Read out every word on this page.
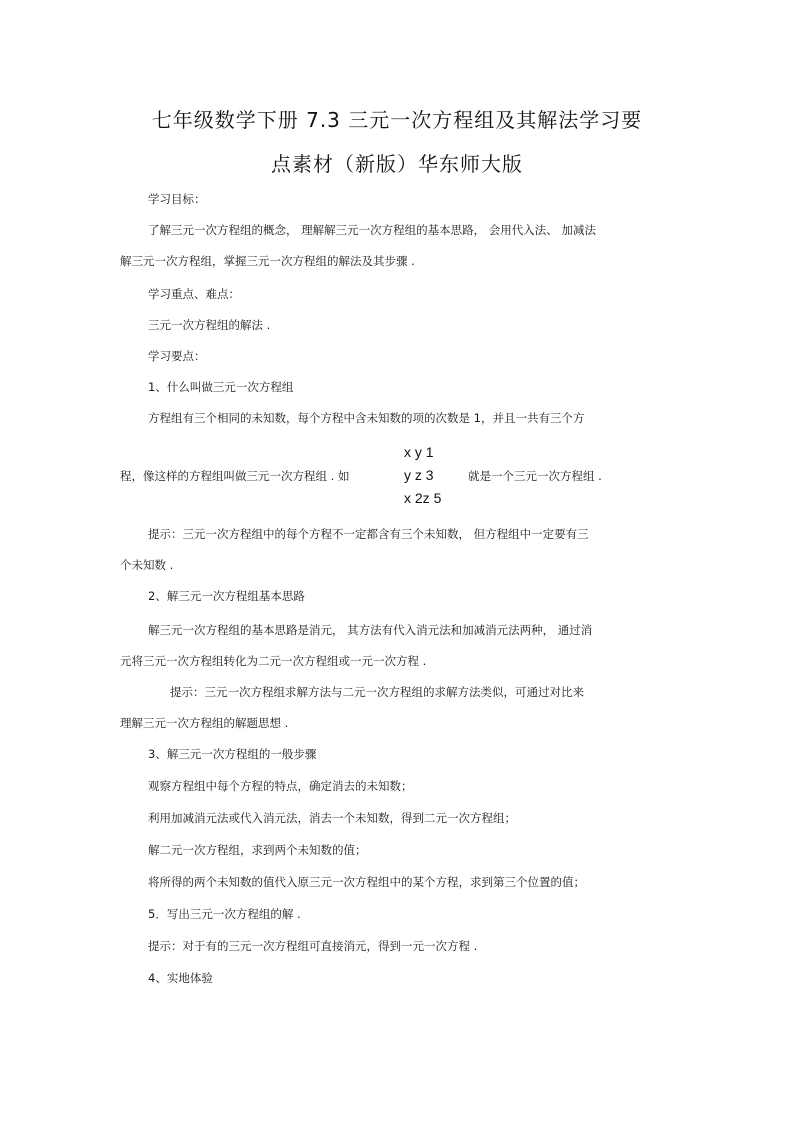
七年级数学下册 7.3 三元一次方程组及其解法学习要
点素材（新版）华东师大版
学习目标：
了解三元一次方程组的概念， 理解解三元一次方程组的基本思路， 会用代入法、 加减法
解三元一次方程组，掌握三元一次方程组的解法及其步骤 .
学习重点、难点：
三元一次方程组的解法 .
学习要点：
1、什么叫做三元一次方程组
方程组有三个相同的未知数，每个方程中含未知数的项的次数是 1，并且一共有三个方
x y 1
程，像这样的方程组叫做三元一次方程组 . 如	y z 3	就是一个三元一次方程组 .
x 2z 5
提示：三元一次方程组中的每个方程不一定都含有三个未知数， 但方程组中一定要有三
个未知数 .
2、解三元一次方程组基本思路
解三元一次方程组的基本思路是消元， 其方法有代入消元法和加减消元法两种， 通过消
元将三元一次方程组转化为二元一次方程组或一元一次方程 .
提示：三元一次方程组求解方法与二元一次方程组的求解方法类似，可通过对比来
理解三元一次方程组的解题思想 .
3、解三元一次方程组的一般步骤
观察方程组中每个方程的特点，确定消去的未知数；
利用加减消元法或代入消元法，消去一个未知数，得到二元一次方程组；
解二元一次方程组，求到两个未知数的值；
将所得的两个未知数的值代入原三元一次方程组中的某个方程，求到第三个位置的值；
5．写出三元一次方程组的解 .
提示：对于有的三元一次方程组可直接消元，得到一元一次方程 .
4、实地体验
